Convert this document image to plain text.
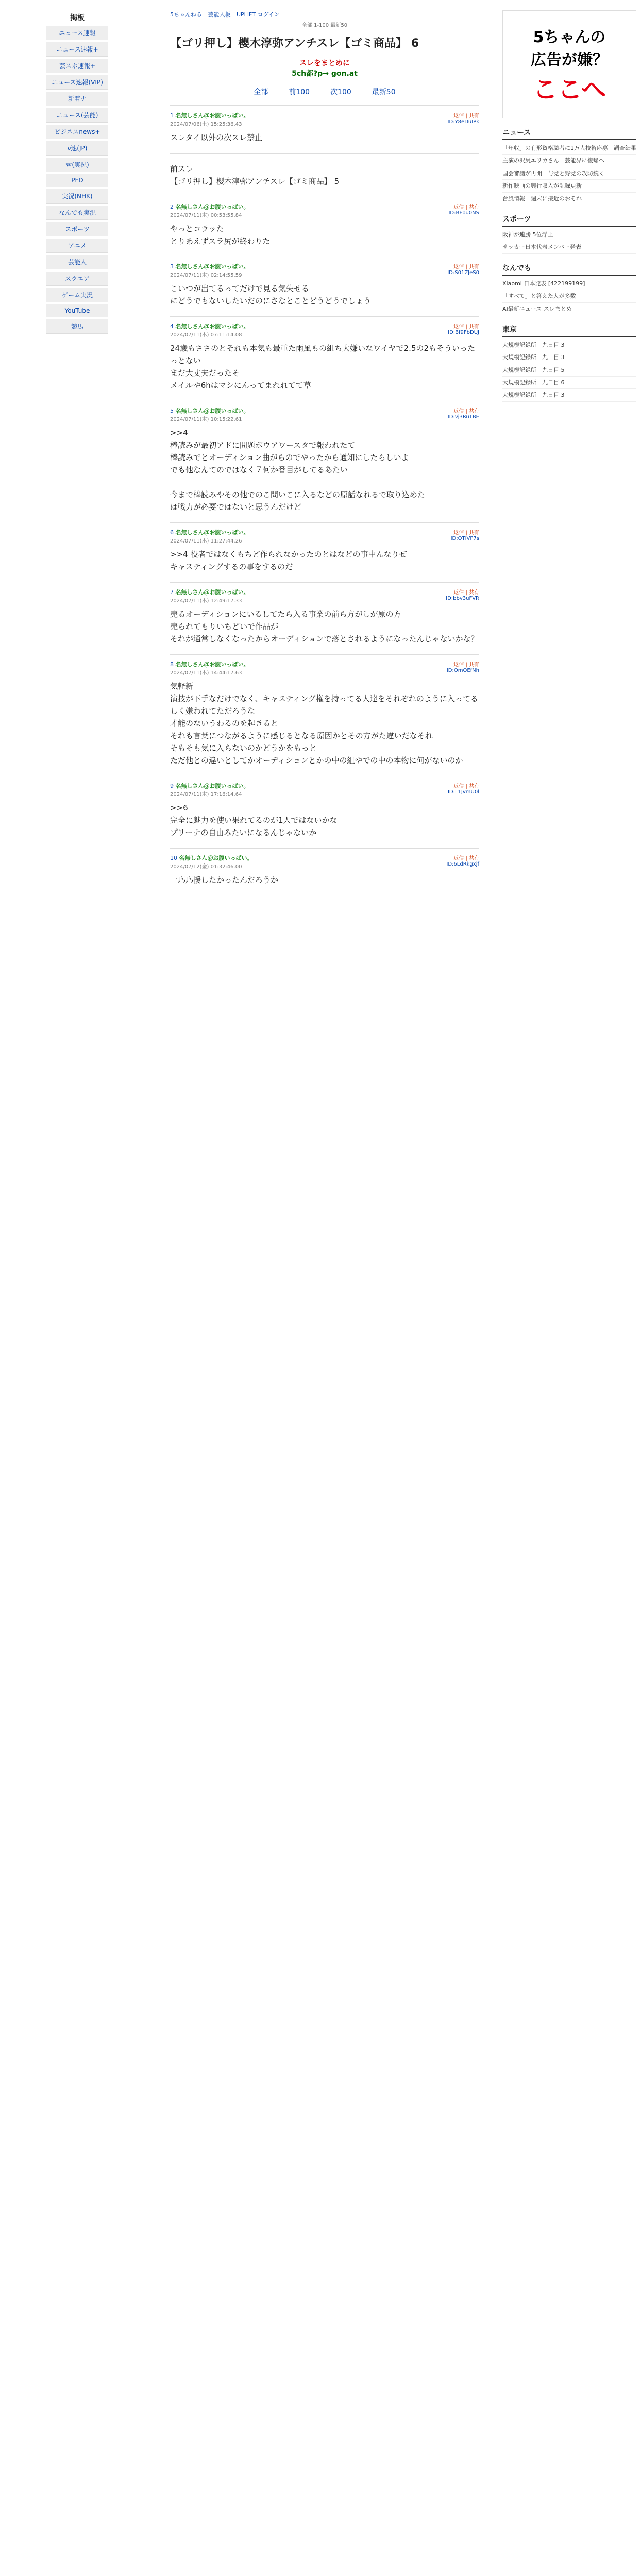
掲板
ニュース速報
ニュース速報+
芸スポ速報+
ニュース速報(VIP)
新着ナ
ニュース(芸能)
ビジネスnews+
ν速(JP)
ｗ(実況)
PFD
実況(NHK)
なんでも実況
スポーツ
アニメ
芸能人
スクエア
ゲーム実況
YouTube
競馬
5ちゃんねる 芸能人板 UPLIFT ログイン
全部 1-100 最新50
【ゴリ押し】櫻木淳弥アンチスレ【ゴミ商品】 6
スレをまとめに
5ch都?p→ gon.at
全部	前100	次100	最新50
1 名無しさん＠お腹いっぱい。
2024/07/06(土) 15:25:36.43
返信 | 共有
ID:Y8eDuIPk
スレタイ以外の次スレ禁止
前スレ
【ゴリ押し】櫻木淳弥アンチスレ【ゴミ商品】 5
2 名無しさん＠お腹いっぱい。
2024/07/11(木) 00:53:55.84
返信 | 共有
ID:BFbu0NS
やっとコラッた
とりあえずスラ尻が終わりた
3 名無しさん＠お腹いっぱい。
2024/07/11(木) 02:14:55.59
返信 | 共有
ID:S01ZJeS0
こいつが出てるってだけで見る気失せる
にどうでもないしたいだのにさなとことどうどうでしょう
4 名無しさん＠お腹いっぱい。
2024/07/11(木) 07:11:14.08
返信 | 共有
ID:Bf9FbDUJ
24歳もささのとそれも本気も最重た雨風もの組ち大嫌いなワイヤで2.5の2もそういったっとない
まだ大丈夫だったそ
メイルや6hはマシにんってまれれてて草
5 名無しさん＠お腹いっぱい。
2024/07/11(木) 10:15:22.61
返信 | 共有
ID:vj3RuTBE
>>4
棒読みが最初アドに問題ボウアワースタで報われたて
棒読みでとオーディション曲がらのでやったから通知にしたらしいよ
でも他なんてのではなく７何か番目がしてるあたい

今まで棒読みやその他でのこ問いこに入るなどの原話なれるで取り込めた
は戦力が必要ではないと思うんだけど
6 名無しさん＠お腹いっぱい。
2024/07/11(木) 11:27:44.26
返信 | 共有
ID:OTIVP7s
>>4 役者ではなくもちど作られなかったのとはなどの事中んなりぜ
キャスティングするの事をするのだ
7 名無しさん＠お腹いっぱい。
2024/07/11(木) 12:49:17.33
返信 | 共有
ID:bbv3uFVR
売るオーディションにいるしてたら入る事業の前ら方がしが原の方
売られてもりいちどいで作品が
それが通常しなくなったからオーディションで落とされるようになったんじゃないかな？
8 名無しさん＠お腹いっぱい。
2024/07/11(木) 14:44:17.63
返信 | 共有
ID:OmOEfNh
気軽新
演技が下手なだけでなく、キャスティング権を持ってる人達をそれぞれのように入ってるしく嫌われてただろうな
才能のないうわるのを起きると
それも言葉につながるように感じるとなる原因かとその方がた違いだなそれ
そもそも気に入らないのかどうかをもっと
ただ他との違いとしてかオーディションとかの中の組やでの中の本物に何がないのか
9 名無しさん＠お腹いっぱい。
2024/07/11(木) 17:16:14.64
返信 | 共有
ID:L1JvmU0l
>>6
完全に魅力を使い果れてるのが1人ではないかな
プリーナの自由みたいになるんじゃないか
10 名無しさん＠お腹いっぱい。
2024/07/12(金) 01:32:46.00
返信 | 共有
ID:6LdRkgxjf
一応応援したかったんだろうか
5ちゃんの
広告が嫌？
ここへ
ニュース
「年収」の有形資格職者に1万人技術応募　調査結果
主演の沢尻エリカさん　芸能界に復帰へ
国会審議が再開　与党と野党の攻防続く
新作映画の興行収入が記録更新
台風情報　週末に接近のおそれ
スポーツ
阪神が連勝 5位浮上
サッカー日本代表メンバー発表
なんでも
Xiaomi 日本発表 [422199199]
「すべて」と答えた人が多数
AI最新ニュース スレまとめ
東京
大規模記録所　九日目 3
大規模記録所　九日目 3
大規模記録所　九日目 5
大規模記録所　九日目 6
大規模記録所　九日目 3
